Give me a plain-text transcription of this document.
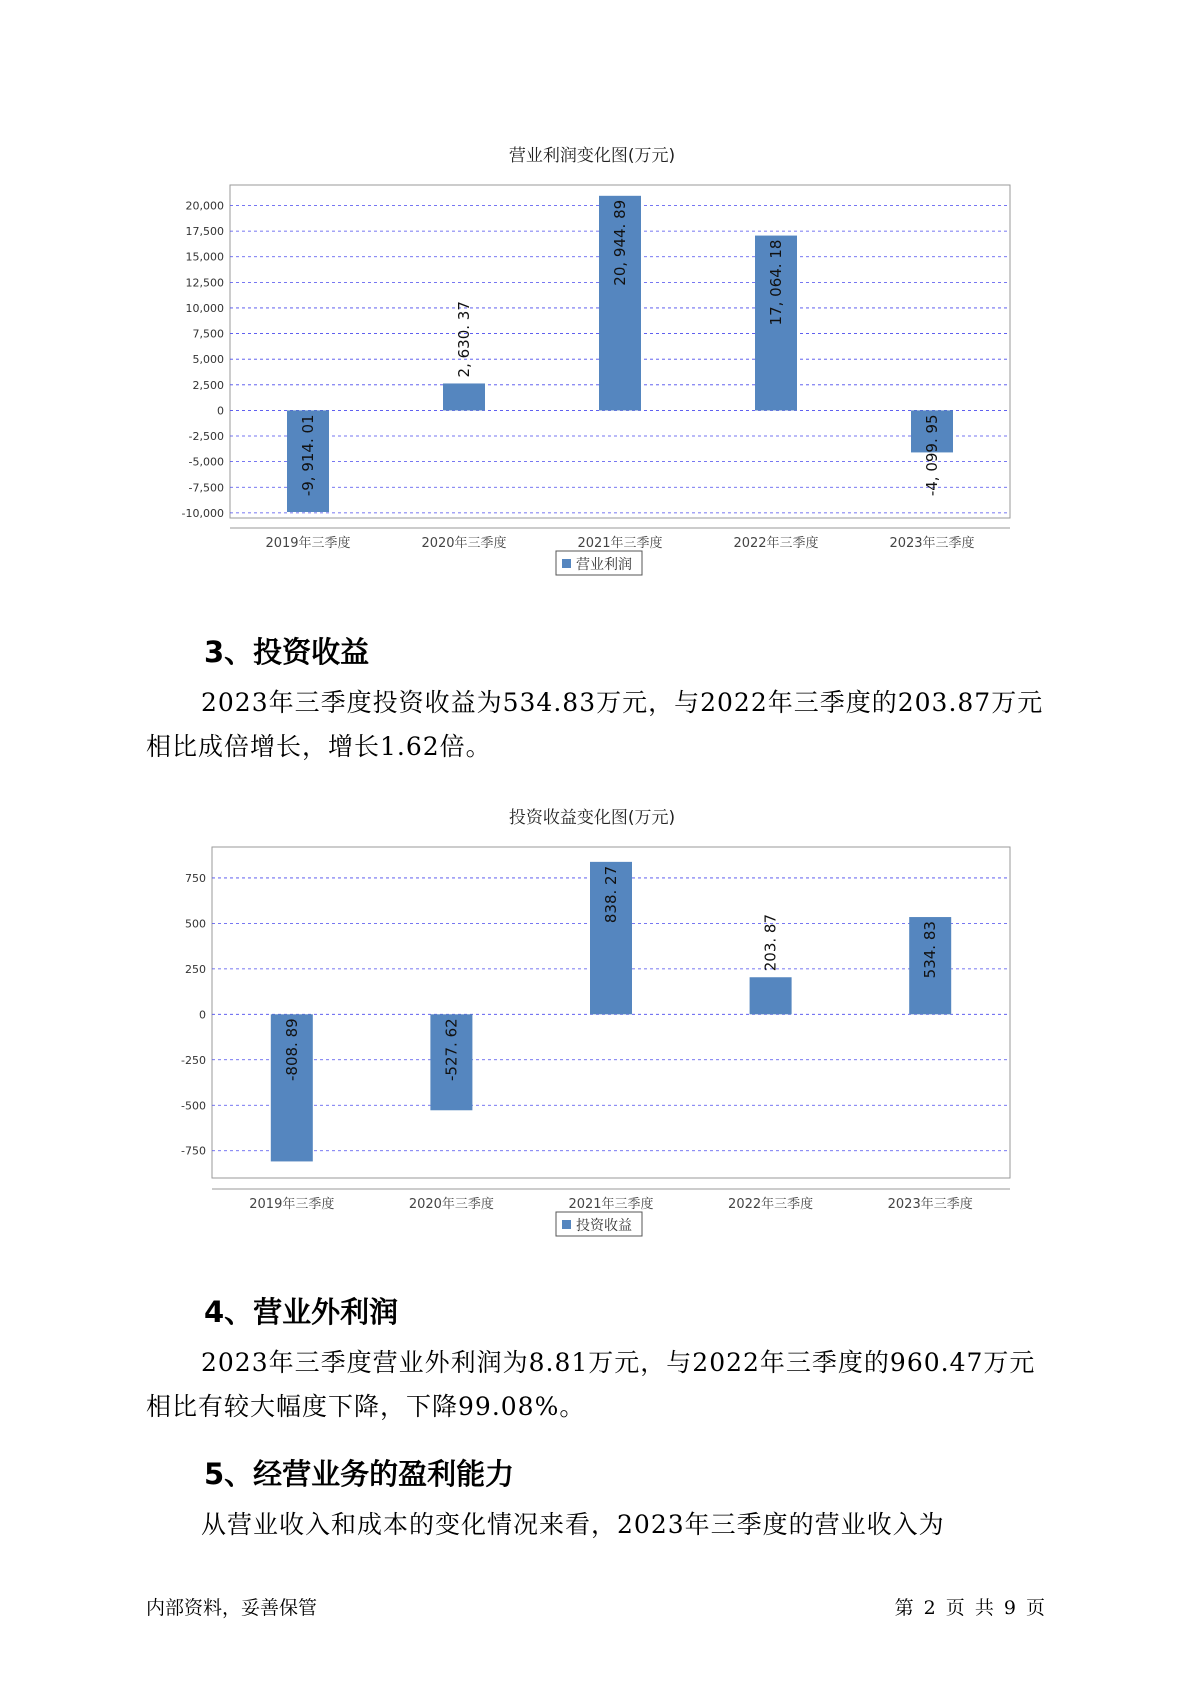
营业利润变化图(万元)
20,000
17,500
15,000
12,500
10,000
7,500
5,000
2,500
0
-2,500
-5,000
-7,500
-10,000
-9, 914. 01
2, 630. 37
20, 944. 89	17, 064. 18
-4, 099. 95
2019年三季度	2020年三季度	2021年三季度	2022年三季度	2023年三季度
营业利润
3、投资收益

2023年三季度投资收益为534.83万元，与2022年三季度的203.87万元
相比成倍增长，增长1.62倍。

投资收益变化图(万元)
750
500
250
0
-250
-500
-750
-808. 89	-527. 62
838. 27
203. 87	534. 83
2019年三季度	2020年三季度	2021年三季度	2022年三季度	2023年三季度
投资收益
4、营业外利润

2023年三季度营业外利润为8.81万元，与2022年三季度的960.47万元
相比有较大幅度下降，下降99.08%。

5、经营业务的盈利能力

从营业收入和成本的变化情况来看，2023年三季度的营业收入为

内部资料，妥善保管	第 2 页 共 9 页
